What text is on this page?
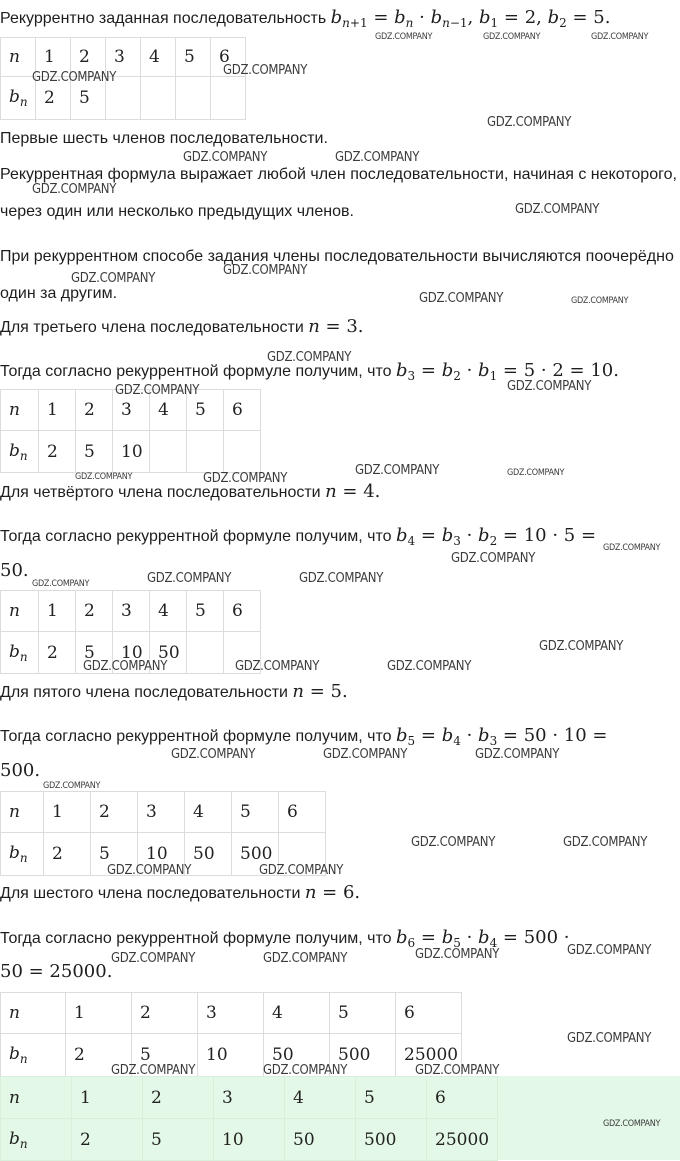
Рекуррентно заданная последовательность $b_{n+1} = b_n \cdot b_{n-1}$, $b_1 = 2$, $b_2 = 5$.
n	1	2	3	4	5	6
$b_n$	2	5				
Первые шесть членов последовательности.
Рекуррентная формула выражает любой член последовательности, начиная с некоторого, через один или несколько предыдущих членов.
При рекуррентном способе задания члены последовательности вычисляются поочерёдно один за другим.
Для третьего члена последовательности n = 3.
Тогда согласно рекуррентной формуле получим, что $b_3 = b_2 \cdot b_1 = 5 \cdot 2 = 10$.
n	1	2	3	4	5	6
$b_n$	2	5	10			
Для четвёртого члена последовательности n = 4.
Тогда согласно рекуррентной формуле получим, что $b_4 = b_3 \cdot b_2 = 10 \cdot 5$ =
50.
n	1	2	3	4	5	6
$b_n$	2	5	10	50		
Для пятого члена последовательности n = 5.
Тогда согласно рекуррентной формуле получим, что $b_5 = b_4 \cdot b_3 = 50 \cdot 10$ =
500.
n	1	2	3	4	5	6
$b_n$	2	5	10	50	500	
Для шестого члена последовательности n = 6.
Тогда согласно рекуррентной формуле получим, что $b_6 = b_5 \cdot b_4 = 500$ ·
50 = 25000.
n	1	2	3	4	5	6
$b_n$	2	5	10	50	500	25000
n	1	2	3	4	5	6
$b_n$	2	5	10	50	500	25000
GDZ.COMPANY	GDZ.COMPANY	GDZ.COMPANY
GDZ.COMPANY	GDZ.COMPANY
GDZ.COMPANY
GDZ.COMPANY	GDZ.COMPANY
GDZ.COMPANY
GDZ.COMPANY
GDZ.COMPANY
GDZ.COMPANY
GDZ.COMPANY	GDZ.COMPANY
GDZ.COMPANY
GDZ.COMPANY
GDZ.COMPANY
GDZ.COMPANY	GDZ.COMPANY
GDZ.COMPANY	GDZ.COMPANY
GDZ.COMPANY
GDZ.COMPANY
GDZ.COMPANY	GDZ.COMPANY	GDZ.COMPANY
GDZ.COMPANY
GDZ.COMPANY	GDZ.COMPANY	GDZ.COMPANY
GDZ.COMPANY	GDZ.COMPANY	GDZ.COMPANY
GDZ.COMPANY
GDZ.COMPANY	GDZ.COMPANY
GDZ.COMPANY	GDZ.COMPANY
GDZ.COMPANY
GDZ.COMPANY	GDZ.COMPANY	GDZ.COMPANY
GDZ.COMPANY
GDZ.COMPANY	GDZ.COMPANY	GDZ.COMPANY
GDZ.COMPANY
